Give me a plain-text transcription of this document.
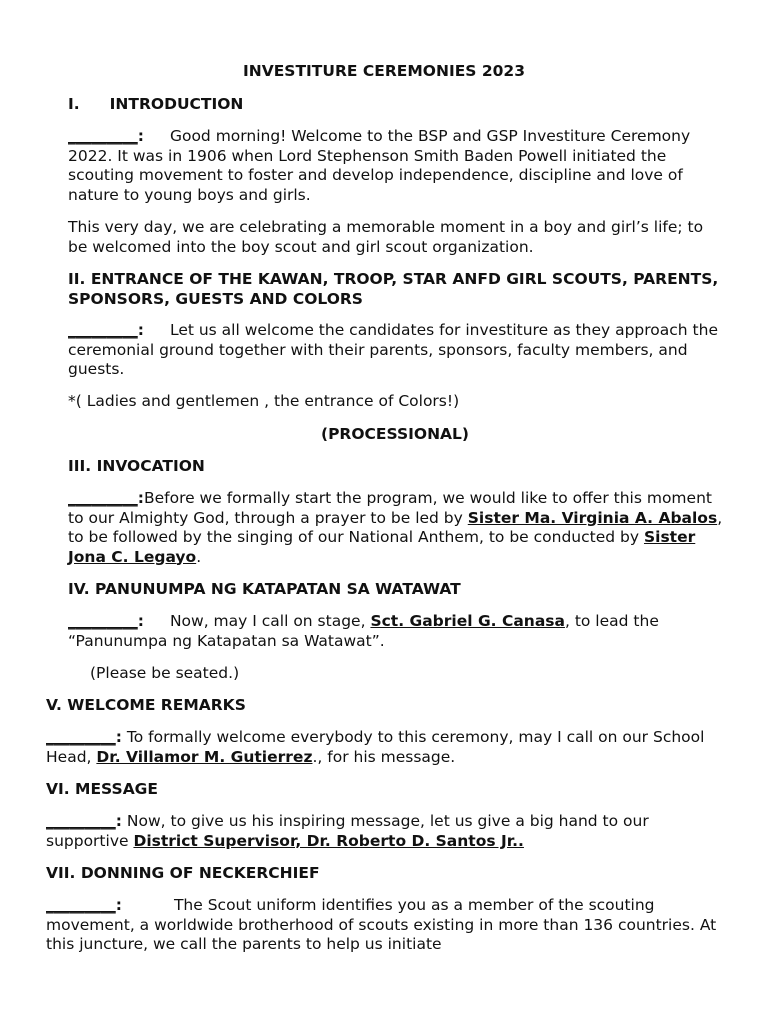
INVESTITURE CEREMONIES 2023
I. INTRODUCTION

_________: Good morning! Welcome to the BSP and GSP Investiture Ceremony 2022. It was in 1906 when Lord Stephenson Smith Baden Powell initiated the scouting movement to foster and develop independence, discipline and love of nature to young boys and girls.

This very day, we are celebrating a memorable moment in a boy and girl’s life; to be welcomed into the boy scout and girl scout organization.

II. ENTRANCE OF THE KAWAN, TROOP, STAR ANFD GIRL SCOUTS, PARENTS, SPONSORS, GUESTS AND COLORS

_________: Let us all welcome the candidates for investiture as they approach the ceremonial ground together with their parents, sponsors, faculty members, and guests.

*( Ladies and gentlemen , the entrance of Colors!)

(PROCESSIONAL)

III. INVOCATION

_________:Before we formally start the program, we would like to offer this moment to our Almighty God, through a prayer to be led by Sister Ma. Virginia A. Abalos, to be followed by the singing of our National Anthem, to be conducted by Sister Jona C. Legayo.

IV. PANUNUMPA NG KATAPATAN SA WATAWAT

_________: Now, may I call on stage, Sct. Gabriel G. Canasa, to lead the “Panunumpa ng Katapatan sa Watawat”.

(Please be seated.)

V. WELCOME REMARKS

_________: To formally welcome everybody to this ceremony, may I call on our School Head, Dr. Villamor M. Gutierrez., for his message.

VI. MESSAGE

_________: Now, to give us his inspiring message, let us give a big hand to our supportive District Supervisor, Dr. Roberto D. Santos Jr..

VII. DONNING OF NECKERCHIEF

_________:	The Scout uniform identifies you as a member of the scouting movement, a worldwide brotherhood of scouts existing in more than 136 countries. At this juncture, we call the parents to help us initiate
